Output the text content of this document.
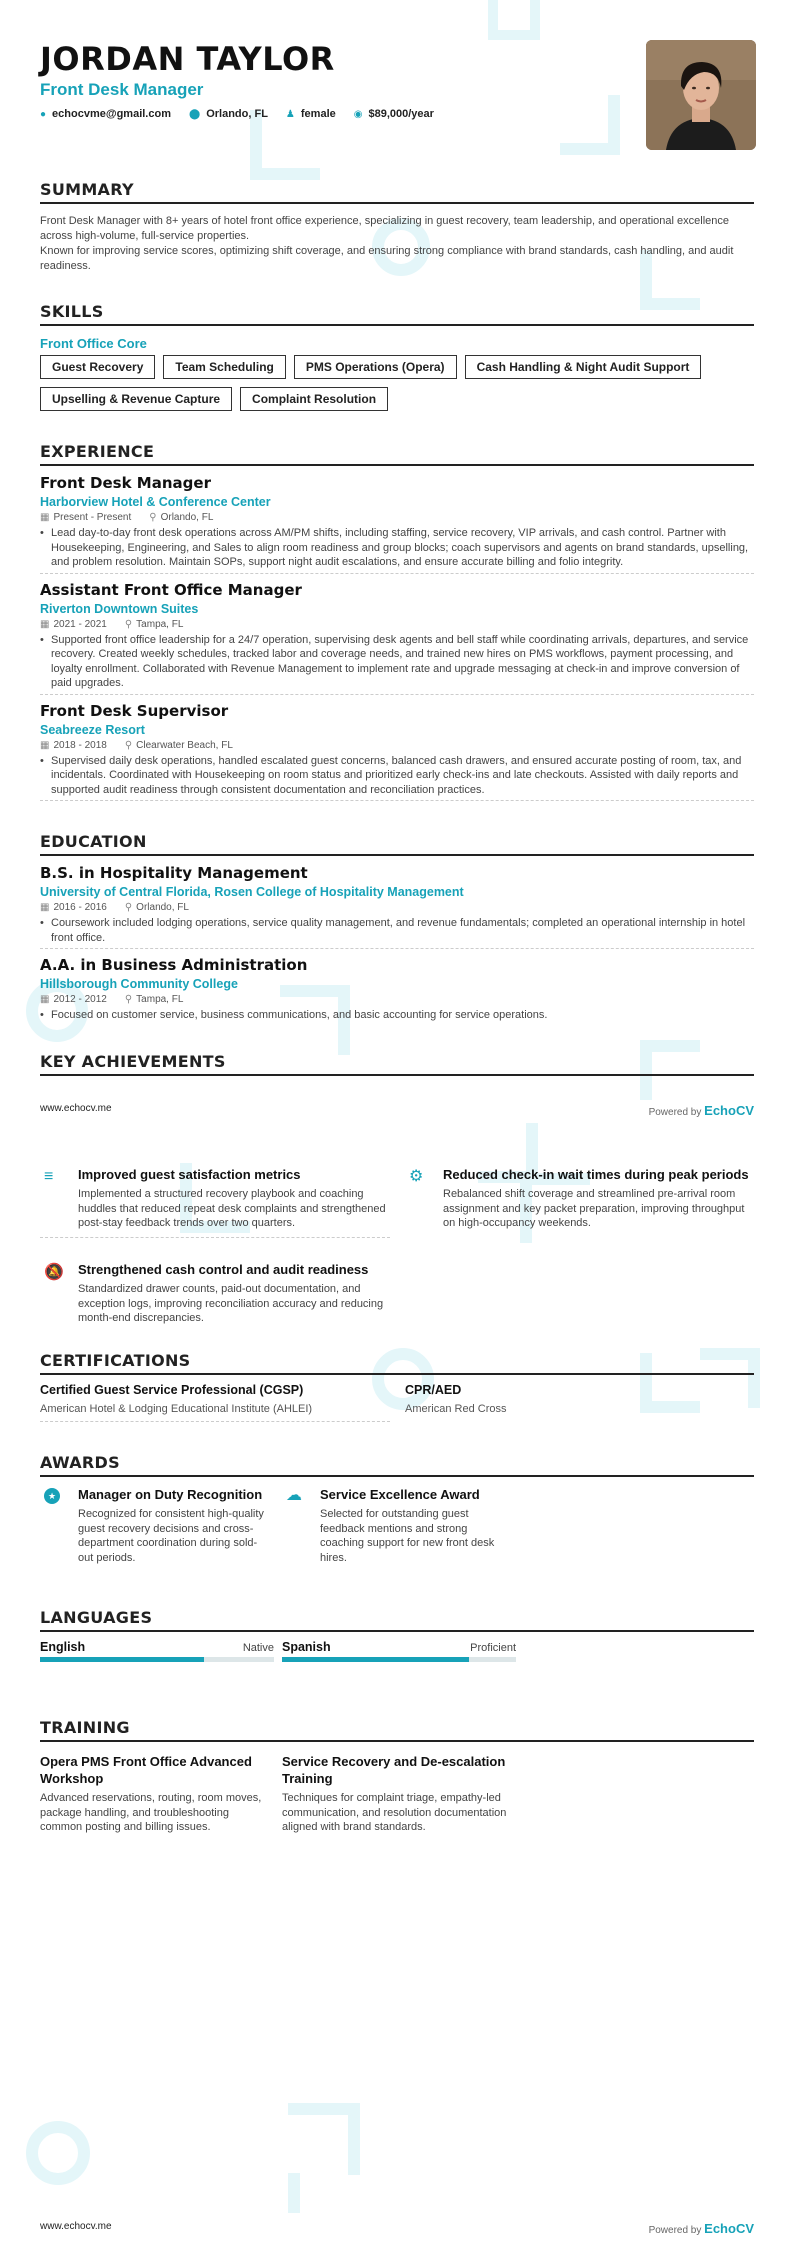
JORDAN TAYLOR
Front Desk Manager
● echocvme@gmail.com ⬤ Orlando, FL ♟ female ◉ $89,000/year
SUMMARY
Front Desk Manager with 8+ years of hotel front office experience, specializing in guest recovery, team leadership, and operational excellence across high-volume, full-service properties.
Known for improving service scores, optimizing shift coverage, and ensuring strong compliance with brand standards, cash handling, and audit readiness.
SKILLS
Front Office Core
Guest Recovery	Team Scheduling	PMS Operations (Opera)	Cash Handling & Night Audit Support
Upselling & Revenue Capture	Complaint Resolution
EXPERIENCE
Front Desk Manager
Harborview Hotel & Conference Center
▦ Present - Present ⚲ Orlando, FL
• Lead day-to-day front desk operations across AM/PM shifts, including staffing, service recovery, VIP arrivals, and cash control. Partner with Housekeeping, Engineering, and Sales to align room readiness and group blocks; coach supervisors and agents on brand standards, upselling, and problem resolution. Maintain SOPs, support night audit escalations, and ensure accurate billing and folio integrity.
Assistant Front Office Manager
Riverton Downtown Suites
▦ 2021 - 2021 ⚲ Tampa, FL
• Supported front office leadership for a 24/7 operation, supervising desk agents and bell staff while coordinating arrivals, departures, and service recovery. Created weekly schedules, tracked labor and coverage needs, and trained new hires on PMS workflows, payment processing, and loyalty enrollment. Collaborated with Revenue Management to implement rate and upgrade messaging at check-in and improve conversion of paid upgrades.
Front Desk Supervisor
Seabreeze Resort
▦ 2018 - 2018 ⚲ Clearwater Beach, FL
• Supervised daily desk operations, handled escalated guest concerns, balanced cash drawers, and ensured accurate posting of room, tax, and incidentals. Coordinated with Housekeeping on room status and prioritized early check-ins and late checkouts. Assisted with daily reports and supported audit readiness through consistent documentation and reconciliation practices.
EDUCATION
B.S. in Hospitality Management
University of Central Florida, Rosen College of Hospitality Management
▦ 2016 - 2016 ⚲ Orlando, FL
• Coursework included lodging operations, service quality management, and revenue fundamentals; completed an operational internship in hotel front office.
A.A. in Business Administration
Hillsborough Community College
▦ 2012 - 2012 ⚲ Tampa, FL
• Focused on customer service, business communications, and basic accounting for service operations.
KEY ACHIEVEMENTS
www.echocv.me	Powered by EchoCV
≡ Improved guest satisfaction metrics
Implemented a structured recovery playbook and coaching huddles that reduced repeat desk complaints and strengthened post-stay feedback trends over two quarters.
⚙ Reduced check-in wait times during peak periods
Rebalanced shift coverage and streamlined pre-arrival room assignment and key packet preparation, improving throughput on high-occupancy weekends.
🔕 Strengthened cash control and audit readiness
Standardized drawer counts, paid-out documentation, and exception logs, improving reconciliation accuracy and reducing month-end discrepancies.
CERTIFICATIONS
Certified Guest Service Professional (CGSP)
American Hotel & Lodging Educational Institute (AHLEI)
CPR/AED
American Red Cross
AWARDS
★	Manager on Duty Recognition
Recognized for consistent high-quality guest recovery decisions and cross-department coordination during sold-out periods.
☁ Service Excellence Award
Selected for outstanding guest feedback mentions and strong coaching support for new front desk hires.
LANGUAGES
English	Native Spanish	Proficient
TRAINING
Opera PMS Front Office Advanced Workshop
Advanced reservations, routing, room moves, package handling, and troubleshooting common posting and billing issues.
Service Recovery and De-escalation Training
Techniques for complaint triage, empathy-led communication, and resolution documentation aligned with brand standards.
www.echocv.me	Powered by EchoCV
